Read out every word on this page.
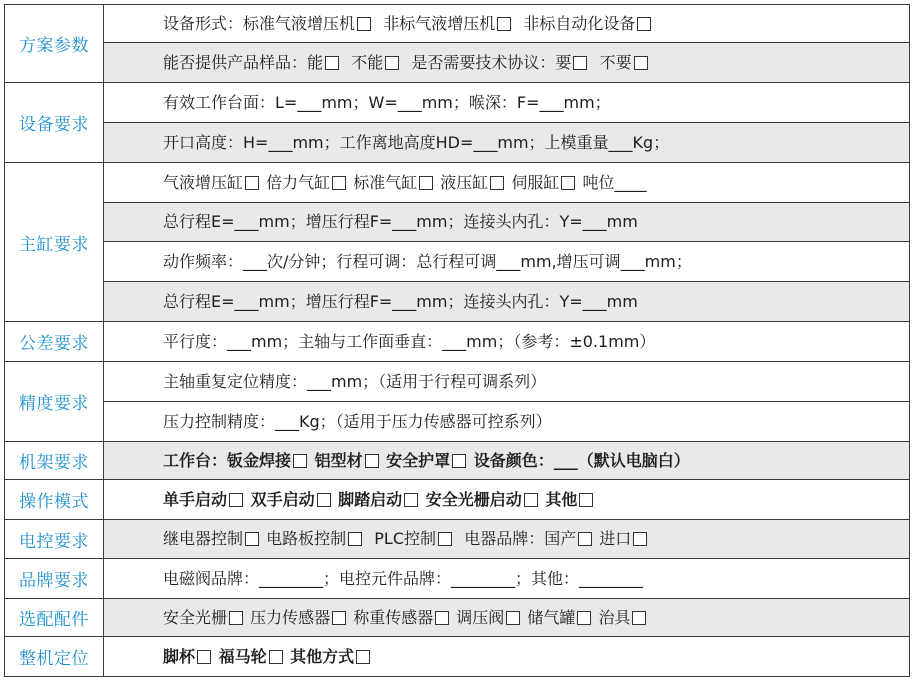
方案参数	设备形式：标准气液增压机  非标气液增压机  非标自动化设备
	能否提供产品样品：能  不能  是否需要技术协议：要  不要
设备要求	有效工作台面：L=___mm；W=___mm；喉深：F=___mm；
	开口高度：H=___mm；工作离地高度HD=___mm；上模重量___Kg；
主缸要求	气液增压缸 倍力气缸 标准气缸 液压缸 伺服缸 吨位____
	总行程E=___mm；增压行程F=___mm；连接头内孔：Y=___mm
	动作频率：___次/分钟；行程可调：总行程可调___mm,增压可调___mm；
	总行程E=___mm；增压行程F=___mm；连接头内孔：Y=___mm
公差要求	平行度：___mm；主轴与工作面垂直：___mm；（参考：±0.1mm）
精度要求	主轴重复定位精度：___mm；（适用于行程可调系列）
	压力控制精度：___Kg；（适用于压力传感器可控系列）
机架要求	工作台：钣金焊接 铝型材 安全护罩 设备颜色：___（默认电脑白）
操作模式	单手启动 双手启动 脚踏启动 安全光栅启动 其他
电控要求	继电器控制 电路板控制  PLC控制  电器品牌：国产 进口
品牌要求	电磁阀品牌：________；电控元件品牌：________；其他：________
选配配件	安全光栅 压力传感器 称重传感器 调压阀 储气罐 治具
整机定位	脚杯 福马轮 其他方式
